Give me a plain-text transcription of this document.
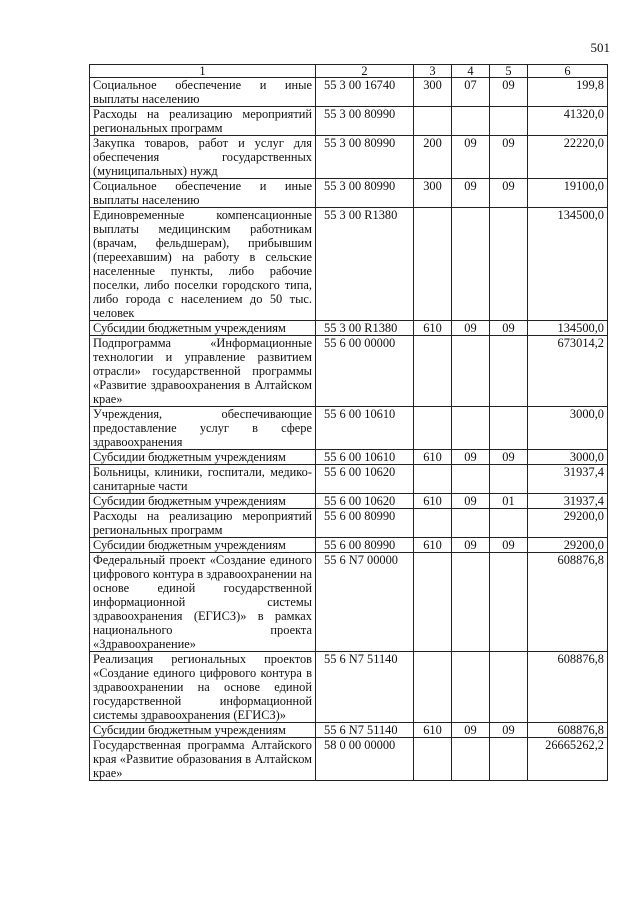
501
1	2	3	4	5	6
Социальное обеспечение и иные выплаты населению	55 3 00 16740	300	07	09	199,8
Расходы на реализацию мероприятий региональных программ	55 3 00 80990				41320,0
Закупка товаров, работ и услуг для обеспечения государственных (муниципальных) нужд	55 3 00 80990	200	09	09	22220,0
Социальное обеспечение и иные выплаты населению	55 3 00 80990	300	09	09	19100,0
Единовременные компенсационные выплаты медицинским работникам (врачам, фельдшерам), прибывшим (переехавшим) на работу в сельские населенные пункты, либо рабочие поселки, либо поселки городского типа, либо города с населением до 50 тыс. человек	55 3 00 R1380				134500,0
Субсидии бюджетным учреждениям	55 3 00 R1380	610	09	09	134500,0
Подпрограмма «Информационные технологии и управление развитием отрасли» государственной программы «Развитие здравоохранения в Алтайском крае»	55 6 00 00000				673014,2
Учреждения, обеспечивающие предоставление услуг в сфере здравоохранения	55 6 00 10610				3000,0
Субсидии бюджетным учреждениям	55 6 00 10610	610	09	09	3000,0
Больницы, клиники, госпитали, медико-санитарные части	55 6 00 10620				31937,4
Субсидии бюджетным учреждениям	55 6 00 10620	610	09	01	31937,4
Расходы на реализацию мероприятий региональных программ	55 6 00 80990				29200,0
Субсидии бюджетным учреждениям	55 6 00 80990	610	09	09	29200,0
Федеральный проект «Создание единого цифрового контура в здравоохранении на основе единой государственной информационной системы здравоохранения (ЕГИСЗ)» в рамках национального проекта «Здравоохранение»	55 6 N7 00000				608876,8
Реализация региональных проектов «Создание единого цифрового контура в здравоохранении на основе единой государственной информационной системы здравоохранения (ЕГИСЗ)»	55 6 N7 51140				608876,8
Субсидии бюджетным учреждениям	55 6 N7 51140	610	09	09	608876,8
Государственная программа Алтайского края «Развитие образования в Алтайском крае»	58 0 00 00000				26665262,2
